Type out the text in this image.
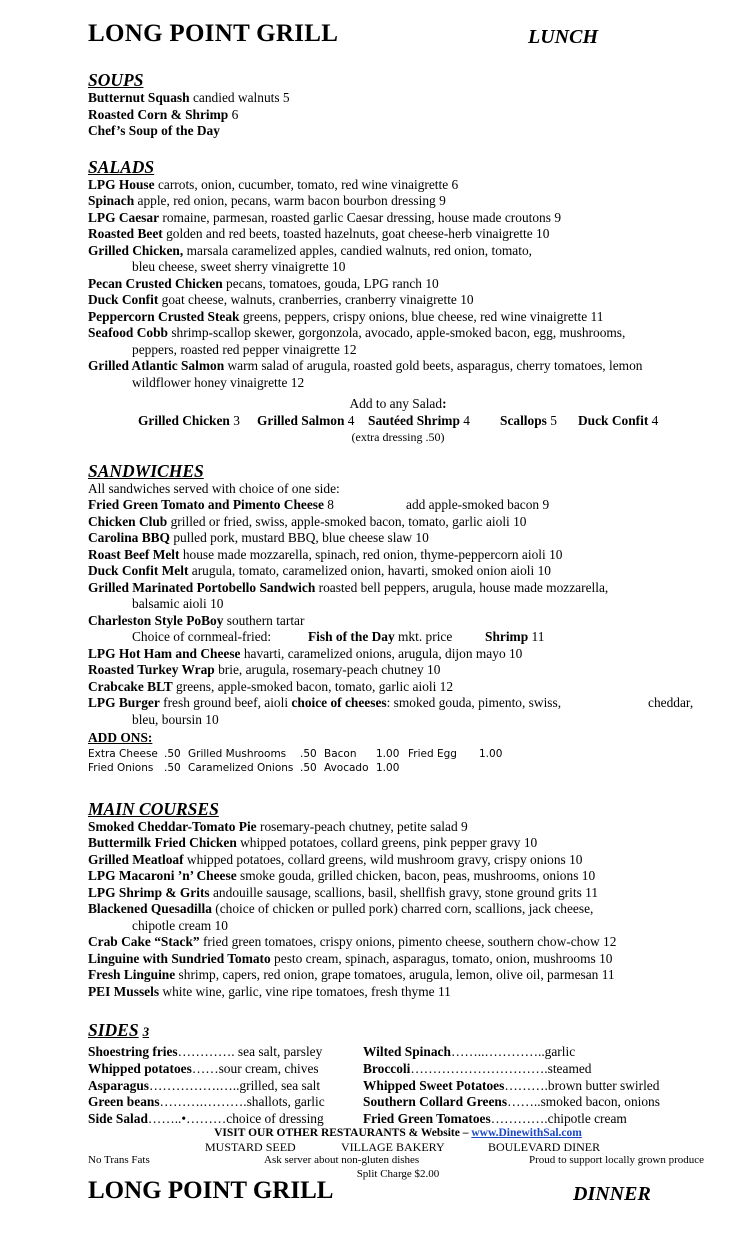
LONG POINT GRILL	LUNCH
SOUPS
Butternut Squash candied walnuts 5
Roasted Corn & Shrimp 6
Chef’s Soup of the Day
SALADS
LPG House carrots, onion, cucumber, tomato, red wine vinaigrette 6
Spinach apple, red onion, pecans, warm bacon bourbon dressing 9
LPG Caesar romaine, parmesan, roasted garlic Caesar dressing, house made croutons 9
Roasted Beet golden and red beets, toasted hazelnuts, goat cheese-herb vinaigrette 10
Grilled Chicken, marsala caramelized apples, candied walnuts, red onion, tomato,
bleu cheese, sweet sherry vinaigrette 10
Pecan Crusted Chicken pecans, tomatoes, gouda, LPG ranch 10
Duck Confit goat cheese, walnuts, cranberries, cranberry vinaigrette 10
Peppercorn Crusted Steak greens, peppers, crispy onions, blue cheese, red wine vinaigrette 11
Seafood Cobb shrimp-scallop skewer, gorgonzola, avocado, apple-smoked bacon, egg, mushrooms,
peppers, roasted red pepper vinaigrette 12
Grilled Atlantic Salmon warm salad of arugula, roasted gold beets, asparagus, cherry tomatoes, lemon
wildflower honey vinaigrette 12
Add to any Salad:
Grilled Chicken 3 Grilled Salmon 4 Sautéed Shrimp 4 Scallops 5 Duck Confit 4
(extra dressing .50)
SANDWICHES
All sandwiches served with choice of one side:
Fried Green Tomato and Pimento Cheese 8	add apple-smoked bacon 9
Chicken Club grilled or fried, swiss, apple-smoked bacon, tomato, garlic aioli 10
Carolina BBQ pulled pork, mustard BBQ, blue cheese slaw 10
Roast Beef Melt house made mozzarella, spinach, red onion, thyme-peppercorn aioli 10
Duck Confit Melt arugula, tomato, caramelized onion, havarti, smoked onion aioli 10
Grilled Marinated Portobello Sandwich roasted bell peppers, arugula, house made mozzarella,
balsamic aioli 10
Charleston Style PoBoy southern tartar
Choice of cornmeal-fried:	Fish of the Day mkt. price Shrimp 11
LPG Hot Ham and Cheese havarti, caramelized onions, arugula, dijon mayo 10
Roasted Turkey Wrap brie, arugula, rosemary-peach chutney 10
Crabcake BLT greens, apple-smoked bacon, tomato, garlic aioli 12
LPG Burger fresh ground beef, aioli choice of cheeses: smoked gouda, pimento, swiss,	cheddar,
bleu, boursin 10
ADD ONS:
Extra Cheese .50 Grilled Mushrooms .50 Bacon 1.00 Fried Egg 1.00
Fried Onions .50 Caramelized Onions .50 Avocado 1.00
MAIN COURSES
Smoked Cheddar-Tomato Pie rosemary-peach chutney, petite salad 9
Buttermilk Fried Chicken whipped potatoes, collard greens, pink pepper gravy 10
Grilled Meatloaf whipped potatoes, collard greens, wild mushroom gravy, crispy onions 10
LPG Macaroni ’n’ Cheese smoke gouda, grilled chicken, bacon, peas, mushrooms, onions 10
LPG Shrimp & Grits andouille sausage, scallions, basil, shellfish gravy, stone ground grits 11
Blackened Quesadilla (choice of chicken or pulled pork) charred corn, scallions, jack cheese,
chipotle cream 10
Crab Cake “Stack” fried green tomatoes, crispy onions, pimento cheese, southern chow-chow 12
Linguine with Sundried Tomato pesto cream, spinach, asparagus, tomato, onion, mushrooms 10
Fresh Linguine shrimp, capers, red onion, grape tomatoes, arugula, lemon, olive oil, parmesan 11
PEI Mussels white wine, garlic, vine ripe tomatoes, fresh thyme 11
SIDES 3
Shoestring fries…………. sea salt, parsley
Whipped potatoes……sour cream, chives
Asparagus…………….…..grilled, sea salt
Green beans……….……….shallots, garlic
Side Salad……..•………choice of dressing
Wilted Spinach……..…………..garlic
Broccoli………………………….steamed
Whipped Sweet Potatoes……….brown butter swirled
Southern Collard Greens……..smoked bacon, onions
Fried Green Tomatoes………….chipotle cream
VISIT OUR OTHER RESTAURANTS & Website – www.DinewithSal.com
MUSTARD SEED	VILLAGE BAKERY	BOULEVARD DINER
No Trans Fats	Ask server about non-gluten dishes	Proud to support locally grown produce
Split Charge $2.00
LONG POINT GRILL	DINNER
